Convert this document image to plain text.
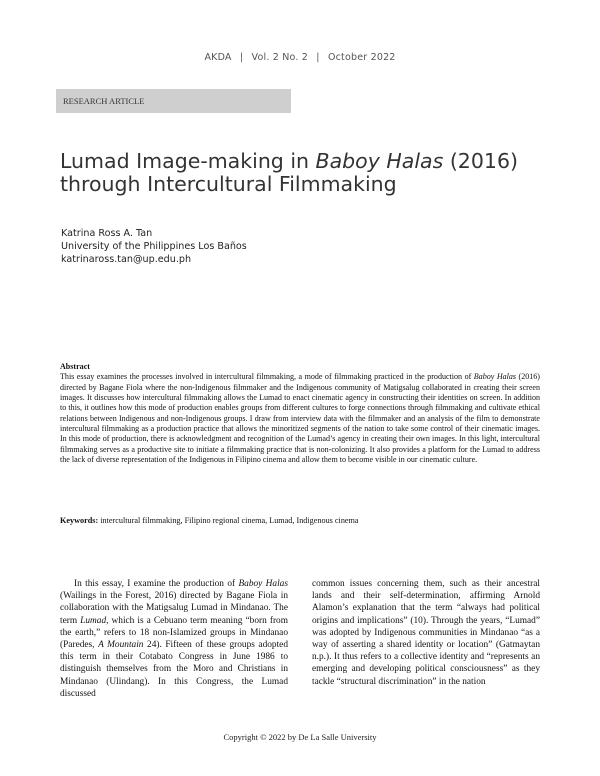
AKDA | Vol. 2 No. 2 | October 2022
RESEARCH ARTICLE
Lumad Image-making in Baboy Halas (2016)
through Intercultural Filmmaking
Katrina Ross A. Tan
University of the Philippines Los Baños
katrinaross.tan@up.edu.ph
Abstract
This essay examines the processes involved in intercultural filmmaking, a mode of filmmaking practiced in the production of Baboy Halas (2016) directed by Bagane Fiola where the non-Indigenous filmmaker and the Indigenous community of Matigsalug collaborated in creating their screen images. It discusses how intercultural filmmaking allows the Lumad to enact cinematic agency in constructing their identities on screen. In addition to this, it outlines how this mode of production enables groups from different cultures to forge connections through filmmaking and cultivate ethical relations between Indigenous and non-Indigenous groups. I draw from interview data with the filmmaker and an analysis of the film to demonstrate intercultural filmmaking as a production practice that allows the minoritized segments of the nation to take some control of their cinematic images. In this mode of production, there is acknowledgment and recognition of the Lumad’s agency in creating their own images. In this light, intercultural filmmaking serves as a productive site to initiate a filmmaking practice that is non-colonizing. It also provides a platform for the Lumad to address the lack of diverse representation of the Indigenous in Filipino cinema and allow them to become visible in our cinematic culture.
Keywords: intercultural filmmaking, Filipino regional cinema, Lumad, Indigenous cinema
In this essay, I examine the production of Baboy Halas (Wailings in the Forest, 2016) directed by Bagane Fiola in collaboration with the Matigsalug Lumad in Mindanao. The term Lumad, which is a Cebuano term meaning “born from the earth,” refers to 18 non-Islamized groups in Mindanao (Paredes, A Mountain 24). Fifteen of these groups adopted this term in their Cotabato Congress in June 1986 to distinguish themselves from the Moro and Christians in Mindanao (Ulindang). In this Congress, the Lumad discussed
common issues concerning them, such as their ancestral lands and their self-determination, affirming Arnold Alamon’s explanation that the term “always had political origins and implications” (10). Through the years, “Lumad” was adopted by Indigenous communities in Mindanao “as a way of asserting a shared identity or location” (Gatmaytan n.p.). It thus refers to a collective identity and “represents an emerging and developing political consciousness” as they tackle “structural discrimination” in the nation
Copyright © 2022 by De La Salle University
